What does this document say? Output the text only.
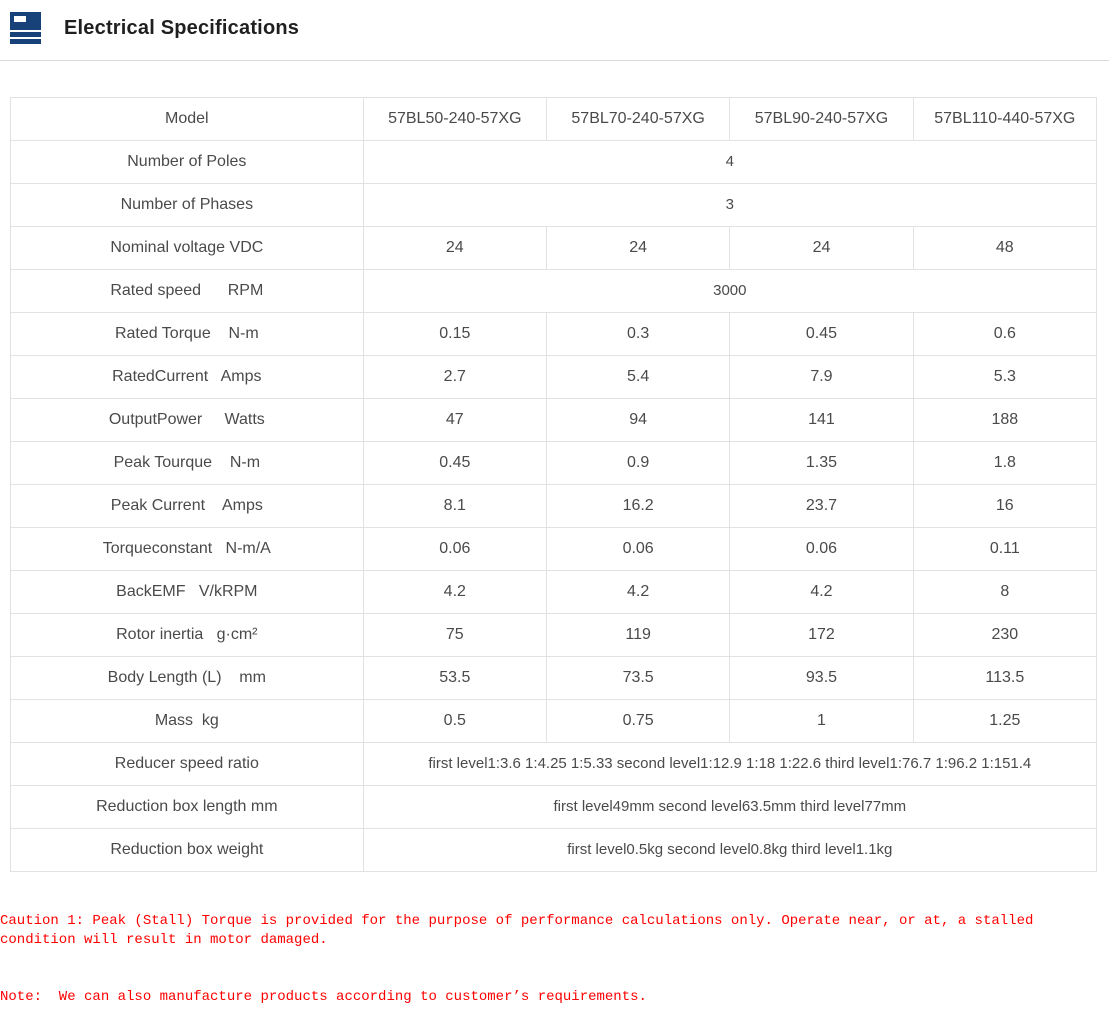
Electrical Specifications
Model	57BL50-240-57XG	57BL70-240-57XG	57BL90-240-57XG	57BL110-440-57XG
Number of Poles	4			
Number of Phases	3			
Nominal voltage VDC	24	24	24	48
Rated speed      RPM	3000			
Rated Torque    N-m	0.15	0.3	0.45	0.6
RatedCurrent   Amps	2.7	5.4	7.9	5.3
OutputPower     Watts	47	94	141	188
Peak Tourque    N-m	0.45	0.9	1.35	1.8
Peak Current    Amps	8.1	16.2	23.7	16
Torqueconstant   N-m/A	0.06	0.06	0.06	0.11
BackEMF   V/kRPM	4.2	4.2	4.2	8
Rotor inertia   g·cm²	75	119	172	230
Body Length (L)    mm	53.5	73.5	93.5	113.5
Mass  kg	0.5	0.75	1	1.25
Reducer speed ratio	first level1:3.6 1:4.25 1:5.33 second level1:12.9 1:18 1:22.6 third level1:76.7 1:96.2 1:151.4			
Reduction box length mm	first level49mm second level63.5mm third level77mm			
Reduction box weight	first level0.5kg second level0.8kg third level1.1kg			

Caution 1: Peak (Stall) Torque is provided for the purpose of performance calculations only. Operate near, or at, a stalled condition will result in motor damaged.

Note:  We can also manufacture products according to customer’s requirements.
